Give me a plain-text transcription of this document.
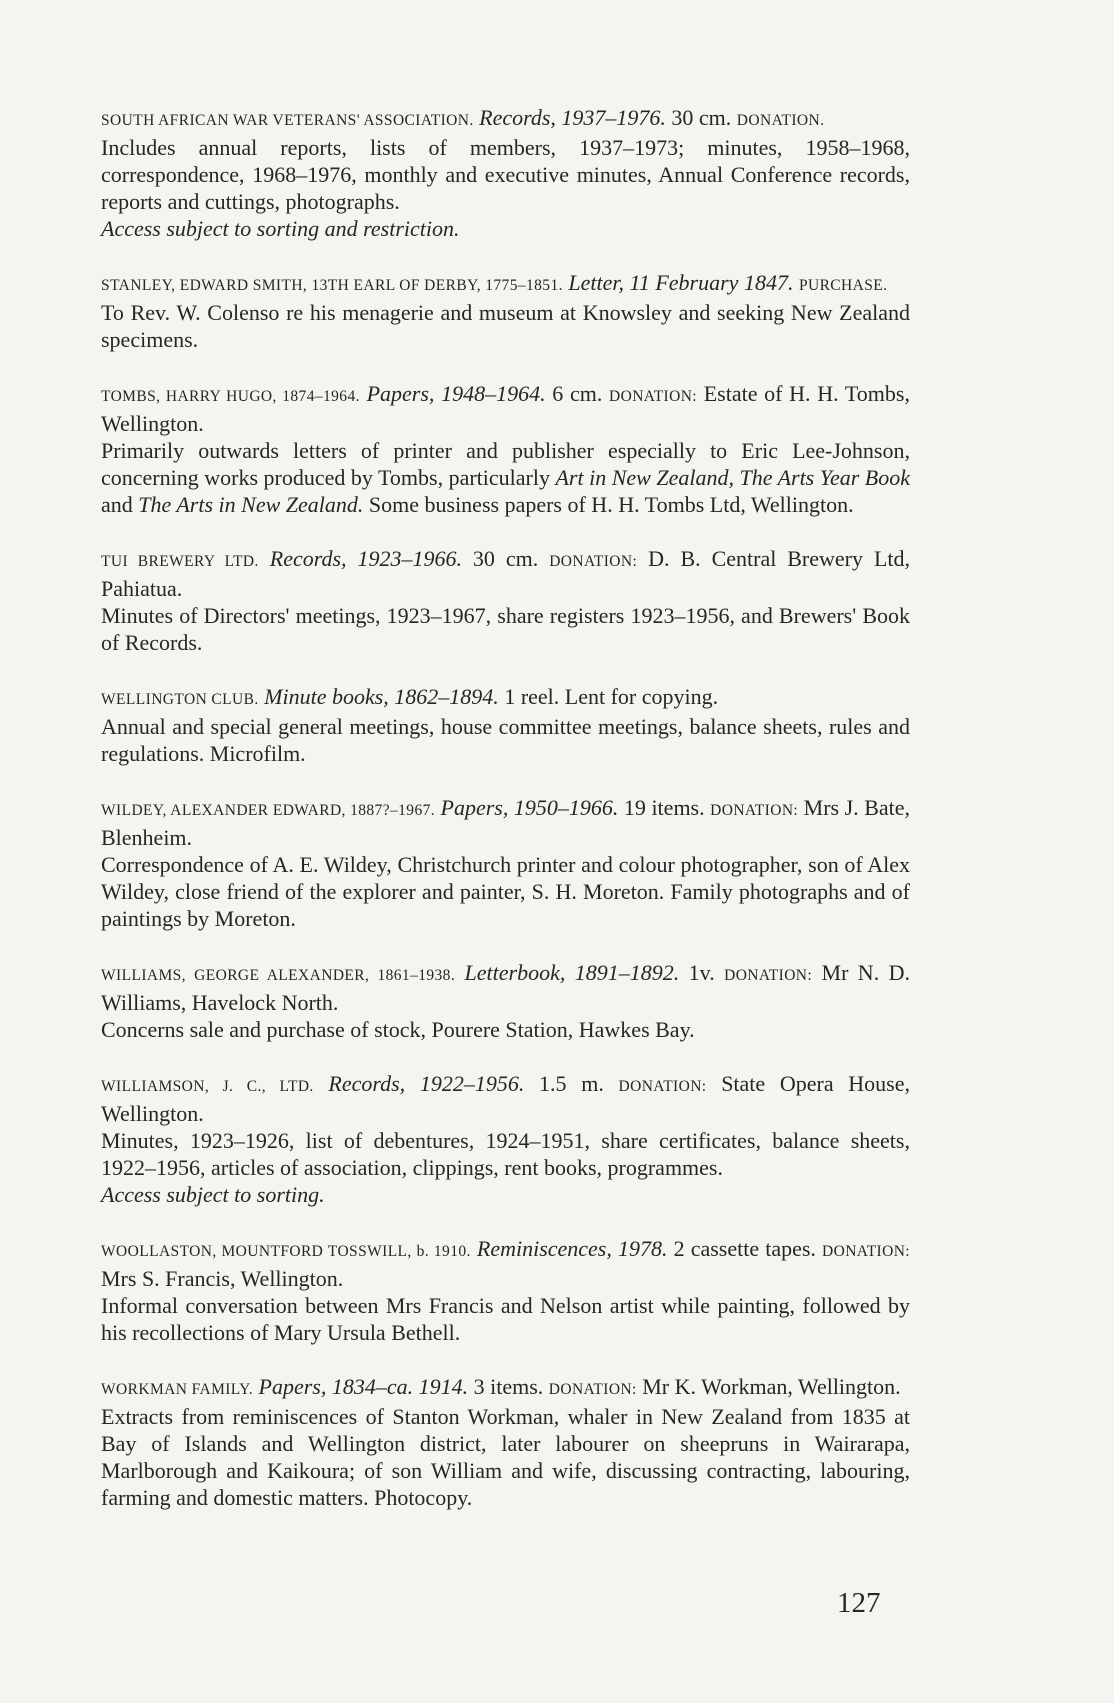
SOUTH AFRICAN WAR VETERANS' ASSOCIATION. Records, 1937–1976. 30 cm. DONATION.
Includes annual reports, lists of members, 1937–1973; minutes, 1958–1968, correspondence, 1968–1976, monthly and executive minutes, Annual Conference records, reports and cuttings, photographs.
Access subject to sorting and restriction.
STANLEY, EDWARD SMITH, 13TH EARL OF DERBY, 1775–1851. Letter, 11 February 1847. PURCHASE.
To Rev. W. Colenso re his menagerie and museum at Knowsley and seeking New Zealand specimens.
TOMBS, HARRY HUGO, 1874–1964. Papers, 1948–1964. 6 cm. DONATION: Estate of H. H. Tombs, Wellington.
Primarily outwards letters of printer and publisher especially to Eric Lee-Johnson, concerning works produced by Tombs, particularly Art in New Zealand, The Arts Year Book and The Arts in New Zealand. Some business papers of H. H. Tombs Ltd, Wellington.
TUI BREWERY LTD. Records, 1923–1966. 30 cm. DONATION: D. B. Central Brewery Ltd, Pahiatua.
Minutes of Directors' meetings, 1923–1967, share registers 1923–1956, and Brewers' Book of Records.
WELLINGTON CLUB. Minute books, 1862–1894. 1 reel. Lent for copying.
Annual and special general meetings, house committee meetings, balance sheets, rules and regulations. Microfilm.
WILDEY, ALEXANDER EDWARD, 1887?–1967. Papers, 1950–1966. 19 items. DONATION: Mrs J. Bate, Blenheim.
Correspondence of A. E. Wildey, Christchurch printer and colour photographer, son of Alex Wildey, close friend of the explorer and painter, S. H. Moreton. Family photographs and of paintings by Moreton.
WILLIAMS, GEORGE ALEXANDER, 1861–1938. Letterbook, 1891–1892. 1v. DONATION: Mr N. D. Williams, Havelock North.
Concerns sale and purchase of stock, Pourere Station, Hawkes Bay.
WILLIAMSON, J. C., LTD. Records, 1922–1956. 1.5 m. DONATION: State Opera House, Wellington.
Minutes, 1923–1926, list of debentures, 1924–1951, share certificates, balance sheets, 1922–1956, articles of association, clippings, rent books, programmes.
Access subject to sorting.
WOOLLASTON, MOUNTFORD TOSSWILL, b. 1910. Reminiscences, 1978. 2 cassette tapes. DONATION: Mrs S. Francis, Wellington.
Informal conversation between Mrs Francis and Nelson artist while painting, followed by his recollections of Mary Ursula Bethell.
WORKMAN FAMILY. Papers, 1834–ca. 1914. 3 items. DONATION: Mr K. Workman, Wellington.
Extracts from reminiscences of Stanton Workman, whaler in New Zealand from 1835 at Bay of Islands and Wellington district, later labourer on sheepruns in Wairarapa, Marlborough and Kaikoura; of son William and wife, discussing contracting, labouring, farming and domestic matters. Photocopy.
127
